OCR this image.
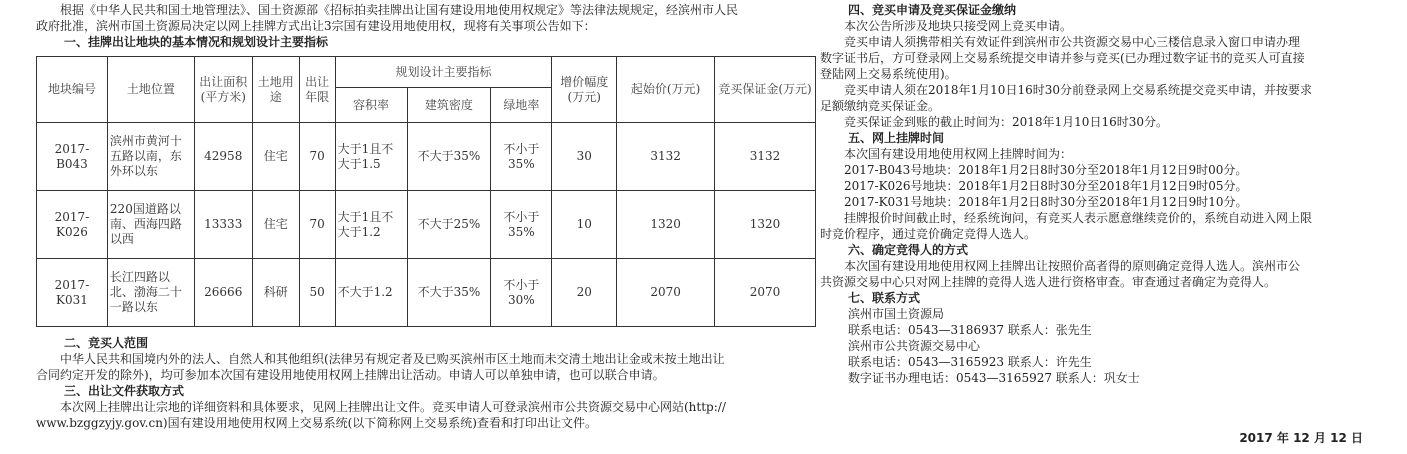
根据《中华人民共和国土地管理法》、国土资源部《招标拍卖挂牌出让国有建设用地使用权规定》等法律法规规定，经滨州市人民

政府批准，滨州市国土资源局决定以网上挂牌方式出让3宗国有建设用地使用权，现将有关事项公告如下：

一、挂牌出让地块的基本情况和规划设计主要指标

地块编号	土地位置	出让面积(平方米)	土地用途	出让年限	规划设计主要指标			增价幅度(万元)	起始价(万元)	竞买保证金(万元)
					容积率	建筑密度	绿地率			
2017-B043	滨州市黄河十五路以南，东外环以东	42958	住宅	70	大于1且不大于1.5	不大于35%	不小于35%	30	3132	3132
2017-K026	220国道路以南、西海四路以西	13333	住宅	70	大于1且不大于1.2	不大于25%	不小于35%	10	1320	1320
2017-K031	长江四路以北、渤海二十一路以东	26666	科研	50	不大于1.2	不大于35%	不小于30%	20	2070	2070

二、竞买人范围

中华人民共和国境内外的法人、自然人和其他组织(法律另有规定者及已购买滨州市区土地而未交清土地出让金或未按土地出让

合同约定开发的除外)，均可参加本次国有建设用地使用权网上挂牌出让活动。申请人可以单独申请，也可以联合申请。

三、出让文件获取方式

本次网上挂牌出让宗地的详细资料和具体要求，见网上挂牌出让文件。竞买申请人可登录滨州市公共资源交易中心网站(http://

www.bzggzyjy.gov.cn)国有建设用地使用权网上交易系统(以下简称网上交易系统)查看和打印出让文件。

四、竞买申请及竞买保证金缴纳

本次公告所涉及地块只接受网上竞买申请。

竞买申请人须携带相关有效证件到滨州市公共资源交易中心三楼信息录入窗口申请办理

数字证书后，方可登录网上交易系统提交申请并参与竞买(已办理过数字证书的竞买人可直接

登陆网上交易系统使用)。

竞买申请人须在2018年1月10日16时30分前登录网上交易系统提交竞买申请，并按要求

足额缴纳竞买保证金。

竞买保证金到账的截止时间为：2018年1月10日16时30分。

五、网上挂牌时间

本次国有建设用地使用权网上挂牌时间为：

2017-B043号地块：2018年1月2日8时30分至2018年1月12日9时00分。

2017-K026号地块：2018年1月2日8时30分至2018年1月12日9时05分。

2017-K031号地块：2018年1月2日8时30分至2018年1月12日9时10分。

挂牌报价时间截止时，经系统询问，有竞买人表示愿意继续竞价的，系统自动进入网上限

时竞价程序，通过竞价确定竞得人选人。

六、确定竞得人的方式

本次国有建设用地使用权网上挂牌出让按照价高者得的原则确定竞得人选人。滨州市公

共资源交易中心只对网上挂牌的竞得人选人进行资格审查。审查通过者确定为竞得人。

七、联系方式

滨州市国土资源局

联系电话：0543—3186937 联系人：张先生

滨州市公共资源交易中心

联系电话：0543—3165923 联系人：许先生

数字证书办理电话：0543—3165927 联系人：巩女士

2017 年 12 月 12 日
